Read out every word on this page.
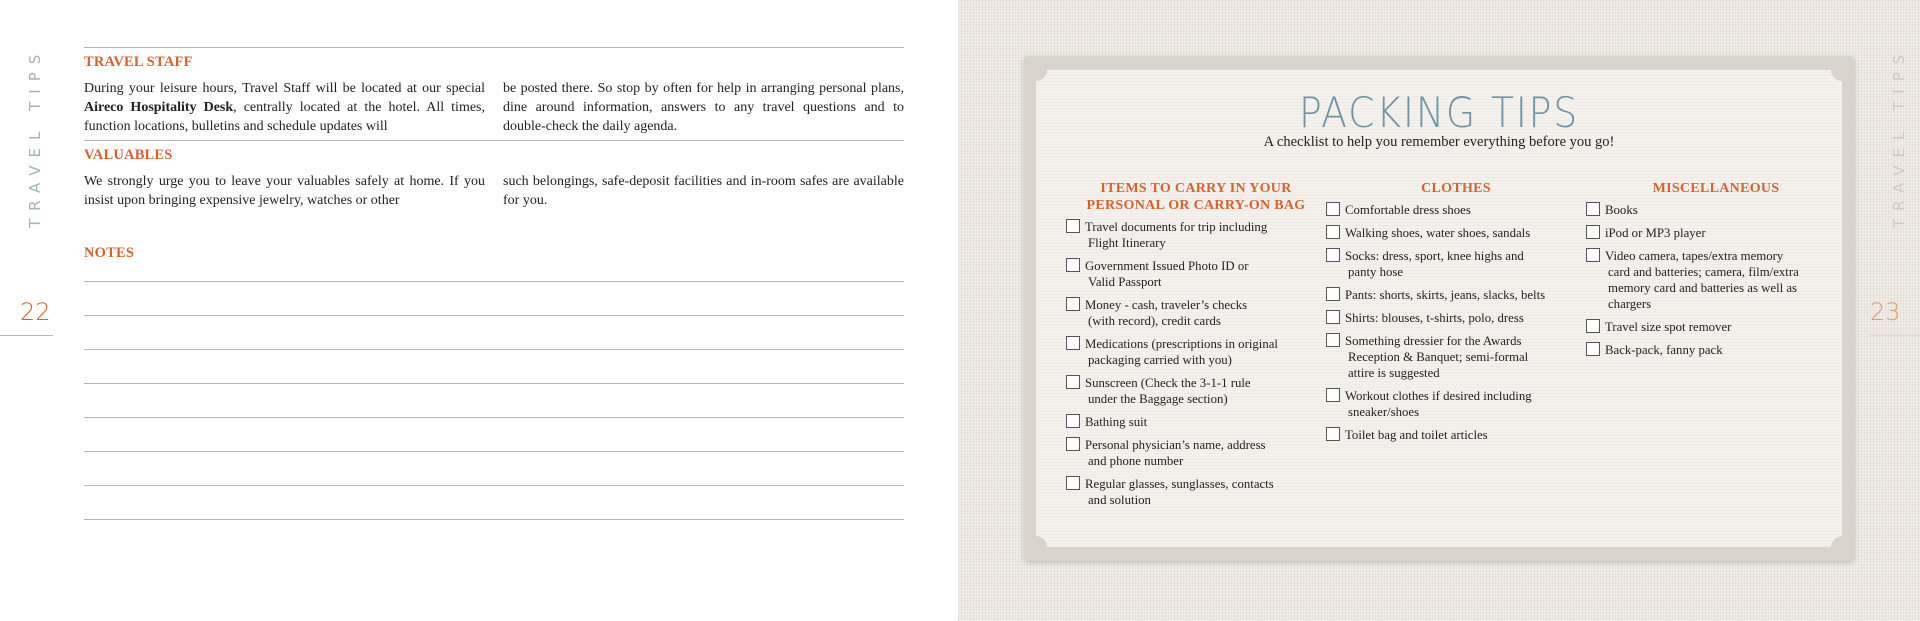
TRAVEL TIPS
22
TRAVEL STAFF

During your leisure hours, Travel Staff will be located at our special Aireco Hospitality Desk, centrally located at the hotel. All times, function locations, bulletins and schedule updates will

be posted there. So stop by often for help in arranging personal plans, dine around information, answers to any travel questions and to double-check the daily agenda.

VALUABLES

We strongly urge you to leave your valuables safely at home. If you insist upon bringing expensive jewelry, watches or other

such belongings, safe-deposit facilities and in-room safes are available for you.

NOTES
TRAVEL TIPS
23
PACKING TIPS
A checklist to help you remember everything before you go!
ITEMS TO CARRY IN YOUR
PERSONAL OR CARRY-ON BAG
Travel documents for trip including
Flight Itinerary
Government Issued Photo ID or
Valid Passport
Money - cash, traveler’s checks
(with record), credit cards
Medications (prescriptions in original
packaging carried with you)
Sunscreen (Check the 3-1-1 rule
under the Baggage section)
Bathing suit
Personal physician’s name, address
and phone number
Regular glasses, sunglasses, contacts
and solution
CLOTHES
Comfortable dress shoes
Walking shoes, water shoes, sandals
Socks: dress, sport, knee highs and
panty hose
Pants: shorts, skirts, jeans, slacks, belts
Shirts: blouses, t-shirts, polo, dress
Something dressier for the Awards
Reception & Banquet; semi-formal
attire is suggested
Workout clothes if desired including
sneaker/shoes
Toilet bag and toilet articles
MISCELLANEOUS
Books
iPod or MP3 player
Video camera, tapes/extra memory
card and batteries; camera, film/extra
memory card and batteries as well as
chargers
Travel size spot remover
Back-pack, fanny pack
